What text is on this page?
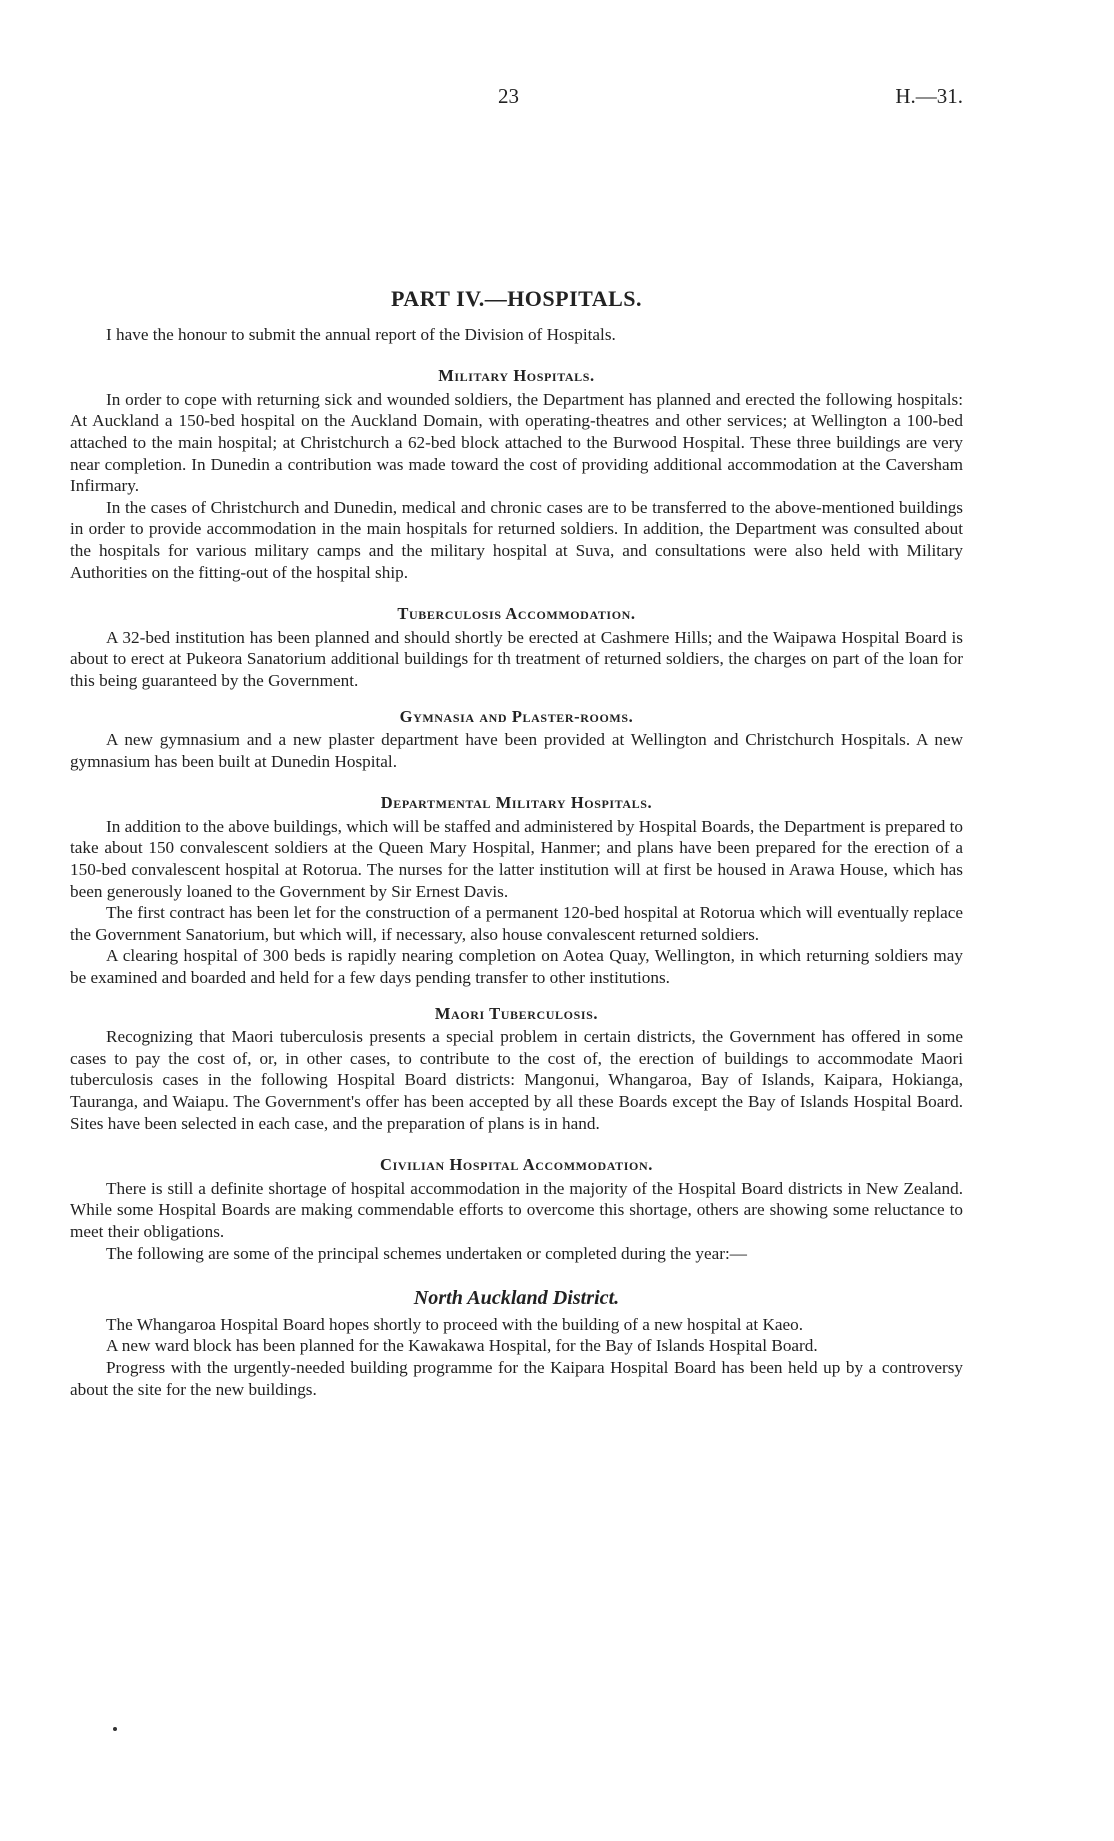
23	H.—31.
PART IV.—HOSPITALS.

I have the honour to submit the annual report of the Division of Hospitals.

Military Hospitals.

In order to cope with returning sick and wounded soldiers, the Department has planned and erected the following hospitals: At Auckland a 150-bed hospital on the Auckland Domain, with operating-theatres and other services; at Wellington a 100-bed attached to the main hospital; at Christchurch a 62-bed block attached to the Burwood Hospital. These three buildings are very near completion. In Dunedin a contribution was made toward the cost of providing additional accommodation at the Caversham Infirmary.

In the cases of Christchurch and Dunedin, medical and chronic cases are to be transferred to the above-mentioned buildings in order to provide accommodation in the main hospitals for returned soldiers. In addition, the Department was consulted about the hospitals for various military camps and the military hospital at Suva, and consultations were also held with Military Authorities on the fitting-out of the hospital ship.

Tuberculosis Accommodation.

A 32-bed institution has been planned and should shortly be erected at Cashmere Hills; and the Waipawa Hospital Board is about to erect at Pukeora Sanatorium additional buildings for th treatment of returned soldiers, the charges on part of the loan for this being guaranteed by the Government.

Gymnasia and Plaster-rooms.

A new gymnasium and a new plaster department have been provided at Wellington and Christchurch Hospitals. A new gymnasium has been built at Dunedin Hospital.

Departmental Military Hospitals.

In addition to the above buildings, which will be staffed and administered by Hospital Boards, the Department is prepared to take about 150 convalescent soldiers at the Queen Mary Hospital, Hanmer; and plans have been prepared for the erection of a 150-bed convalescent hospital at Rotorua. The nurses for the latter institution will at first be housed in Arawa House, which has been generously loaned to the Government by Sir Ernest Davis.

The first contract has been let for the construction of a permanent 120-bed hospital at Rotorua which will eventually replace the Government Sanatorium, but which will, if necessary, also house convalescent returned soldiers.

A clearing hospital of 300 beds is rapidly nearing completion on Aotea Quay, Wellington, in which returning soldiers may be examined and boarded and held for a few days pending transfer to other institutions.

Maori Tuberculosis.

Recognizing that Maori tuberculosis presents a special problem in certain districts, the Government has offered in some cases to pay the cost of, or, in other cases, to contribute to the cost of, the erection of buildings to accommodate Maori tuberculosis cases in the following Hospital Board districts: Mangonui, Whangaroa, Bay of Islands, Kaipara, Hokianga, Tauranga, and Waiapu. The Government's offer has been accepted by all these Boards except the Bay of Islands Hospital Board. Sites have been selected in each case, and the preparation of plans is in hand.

Civilian Hospital Accommodation.

There is still a definite shortage of hospital accommodation in the majority of the Hospital Board districts in New Zealand. While some Hospital Boards are making commendable efforts to overcome this shortage, others are showing some reluctance to meet their obligations.

The following are some of the principal schemes undertaken or completed during the year:—

North Auckland District.

The Whangaroa Hospital Board hopes shortly to proceed with the building of a new hospital at Kaeo.

A new ward block has been planned for the Kawakawa Hospital, for the Bay of Islands Hospital Board.

Progress with the urgently-needed building programme for the Kaipara Hospital Board has been held up by a controversy about the site for the new buildings.
